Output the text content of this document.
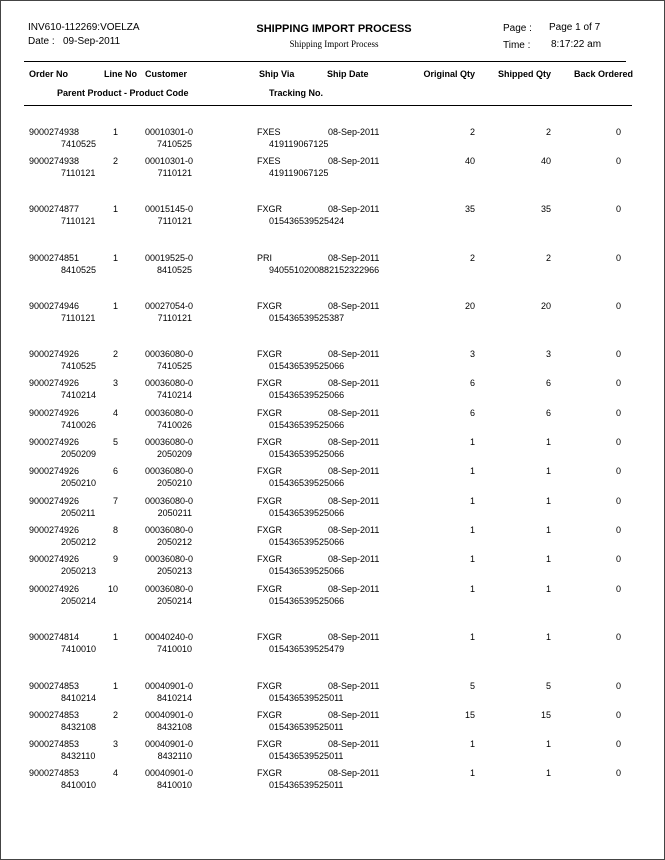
INV610-112269:VOELZA
Date : 09-Sep-2011
SHIPPING IMPORT PROCESS
Shipping Import Process
Page : Page 1 of 7
Time : 8:17:22 am
Order No	Line No Customer	Ship Via	Ship Date	Original Qty	Shipped Qty	Back Ordered
Parent Product - Product Code	Tracking No.
9000274938	1	00010301-0	FXES	08-Sep-2011	2	2	0
7410525	7410525	419119067125
9000274938	2	00010301-0	FXES	08-Sep-2011	40	40	0
7110121	7110121	419119067125
9000274877	1	00015145-0	FXGR	08-Sep-2011	35	35	0
7110121	7110121	015436539525424
9000274851	1	00019525-0	PRI	08-Sep-2011	2	2	0
8410525	8410525	9405510200882152322966
9000274946	1	00027054-0	FXGR	08-Sep-2011	20	20	0
7110121	7110121	015436539525387
9000274926	2	00036080-0	FXGR	08-Sep-2011	3	3	0
7410525	7410525	015436539525066
9000274926	3	00036080-0	FXGR	08-Sep-2011	6	6	0
7410214	7410214	015436539525066
9000274926	4	00036080-0	FXGR	08-Sep-2011	6	6	0
7410026	7410026	015436539525066
9000274926	5	00036080-0	FXGR	08-Sep-2011	1	1	0
2050209	2050209	015436539525066
9000274926	6	00036080-0	FXGR	08-Sep-2011	1	1	0
2050210	2050210	015436539525066
9000274926	7	00036080-0	FXGR	08-Sep-2011	1	1	0
2050211	2050211	015436539525066
9000274926	8	00036080-0	FXGR	08-Sep-2011	1	1	0
2050212	2050212	015436539525066
9000274926	9	00036080-0	FXGR	08-Sep-2011	1	1	0
2050213	2050213	015436539525066
9000274926	10	00036080-0	FXGR	08-Sep-2011	1	1	0
2050214	2050214	015436539525066
9000274814	1	00040240-0	FXGR	08-Sep-2011	1	1	0
7410010	7410010	015436539525479
9000274853	1	00040901-0	FXGR	08-Sep-2011	5	5	0
8410214	8410214	015436539525011
9000274853	2	00040901-0	FXGR	08-Sep-2011	15	15	0
8432108	8432108	015436539525011
9000274853	3	00040901-0	FXGR	08-Sep-2011	1	1	0
8432110	8432110	015436539525011
9000274853	4	00040901-0	FXGR	08-Sep-2011	1	1	0
8410010	8410010	015436539525011
